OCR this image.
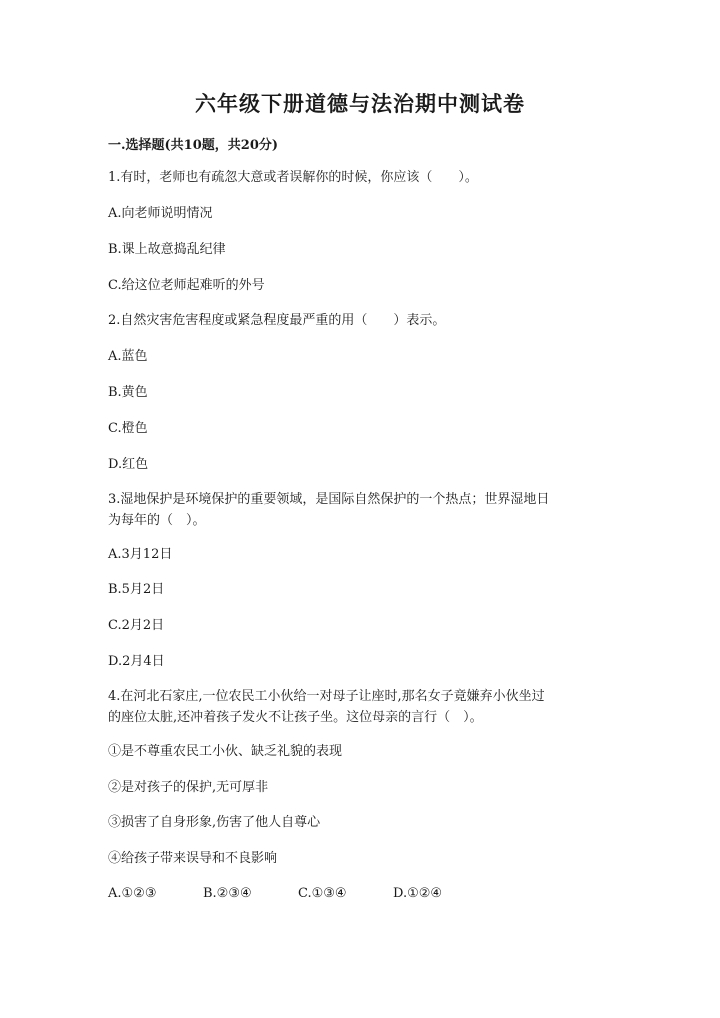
六年级下册道德与法治期中测试卷
一.选择题(共10题，共20分)
1.有时，老师也有疏忽大意或者误解你的时候，你应该（　　）。
A.向老师说明情况
B.课上故意捣乱纪律
C.给这位老师起难听的外号
2.自然灾害危害程度或紧急程度最严重的用（　　）表示。
A.蓝色
B.黄色
C.橙色
D.红色
3.湿地保护是环境保护的重要领域，是国际自然保护的一个热点；世界湿地日
为每年的（　）。
A.3月12日
B.5月2日
C.2月2日
D.2月4日
4.在河北石家庄,一位农民工小伙给一对母子让座时,那名女子竟嫌弃小伙坐过
的座位太脏,还冲着孩子发火不让孩子坐。这位母亲的言行（　）。
①是不尊重农民工小伙、缺乏礼貌的表现
②是对孩子的保护,无可厚非
③损害了自身形象,伤害了他人自尊心
④给孩子带来误导和不良影响
A.①②③	B.②③④	C.①③④	D.①②④
